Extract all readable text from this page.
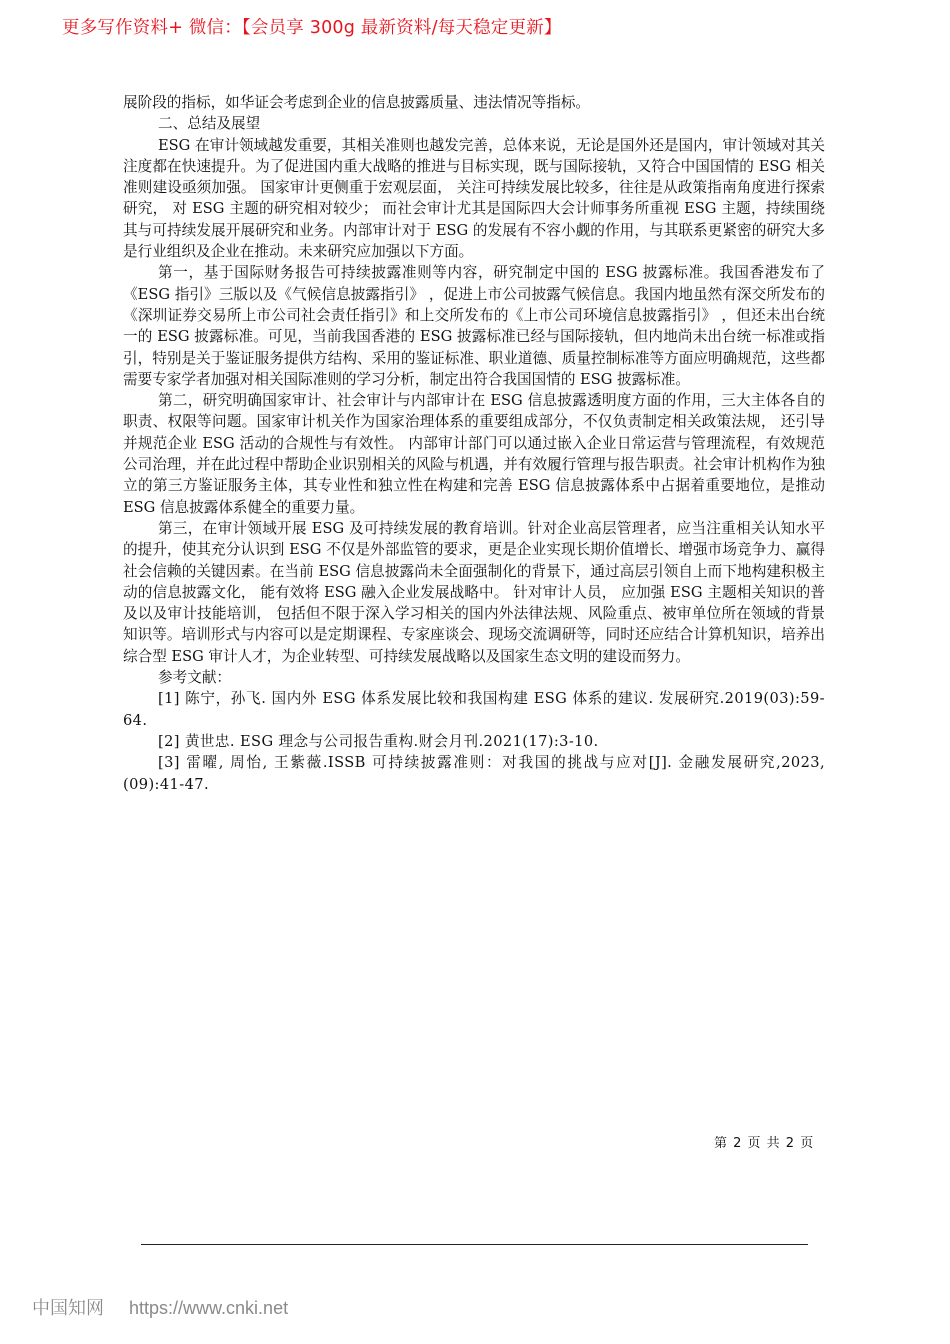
更多写作资料+ 微信：【会员享 300g 最新资料/每天稳定更新】

展阶段的指标，如华证会考虑到企业的信息披露质量、违法情况等指标。

二、总结及展望

ESG 在审计领域越发重要，其相关准则也越发完善，总体来说，无论是国外还是国内，审计领域对其关注度都在快速提升。为了促进国内重大战略的推进与目标实现，既与国际接轨，又符合中国国情的 ESG 相关准则建设亟须加强。 国家审计更侧重于宏观层面， 关注可持续发展比较多，往往是从政策指南角度进行探索研究， 对 ESG 主题的研究相对较少； 而社会审计尤其是国际四大会计师事务所重视 ESG 主题，持续围绕其与可持续发展开展研究和业务。内部审计对于 ESG 的发展有不容小觑的作用，与其联系更紧密的研究大多是行业组织及企业在推动。未来研究应加强以下方面。

第一，基于国际财务报告可持续披露准则等内容，研究制定中国的 ESG 披露标准。我国香港发布了《ESG 指引》三版以及《气候信息披露指引》 ，促进上市公司披露气候信息。我国内地虽然有深交所发布的《深圳证券交易所上市公司社会责任指引》和上交所发布的《上市公司环境信息披露指引》 ，但还未出台统一的 ESG 披露标准。可见，当前我国香港的 ESG 披露标准已经与国际接轨，但内地尚未出台统一标准或指引，特别是关于鉴证服务提供方结构、采用的鉴证标准、职业道德、质量控制标准等方面应明确规范，这些都需要专家学者加强对相关国际准则的学习分析，制定出符合我国国情的 ESG 披露标准。

第二，研究明确国家审计、社会审计与内部审计在 ESG 信息披露透明度方面的作用，三大主体各自的职责、权限等问题。国家审计机关作为国家治理体系的重要组成部分，不仅负责制定相关政策法规， 还引导并规范企业 ESG 活动的合规性与有效性。 内部审计部门可以通过嵌入企业日常运营与管理流程，有效规范公司治理，并在此过程中帮助企业识别相关的风险与机遇，并有效履行管理与报告职责。社会审计机构作为独立的第三方鉴证服务主体，其专业性和独立性在构建和完善 ESG 信息披露体系中占据着重要地位，是推动 ESG 信息披露体系健全的重要力量。

第三，在审计领域开展 ESG 及可持续发展的教育培训。针对企业高层管理者，应当注重相关认知水平的提升，使其充分认识到 ESG 不仅是外部监管的要求，更是企业实现长期价值增长、增强市场竞争力、赢得社会信赖的关键因素。在当前 ESG 信息披露尚未全面强制化的背景下，通过高层引领自上而下地构建积极主动的信息披露文化， 能有效将 ESG 融入企业发展战略中。 针对审计人员， 应加强 ESG 主题相关知识的普及以及审计技能培训， 包括但不限于深入学习相关的国内外法律法规、风险重点、被审单位所在领域的背景知识等。培训形式与内容可以是定期课程、专家座谈会、现场交流调研等，同时还应结合计算机知识，培养出综合型 ESG 审计人才，为企业转型、可持续发展战略以及国家生态文明的建设而努力。

参考文献：

[1] 陈宁，孙飞. 国内外 ESG 体系发展比较和我国构建 ESG 体系的建议. 发展研究.2019(03):59-64.

[2] 黄世忠. ESG 理念与公司报告重构.财会月刊.2021(17):3-10.

[3] 雷曜, 周怡, 王紫薇.ISSB 可持续披露准则：对我国的挑战与应对[J]. 金融发展研究,2023,(09):41-47.

第 2 页 共 2 页
中国知网 https://www.cnki.net
